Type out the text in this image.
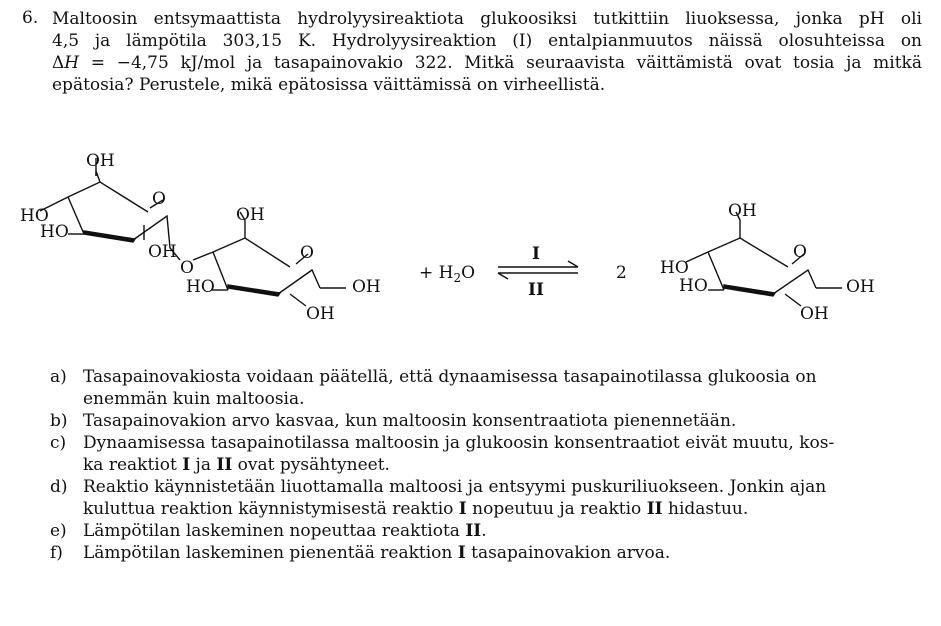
6. Maltoosin entsymaattista hydrolyysireaktiota glukoosiksi tutkittiin liuoksessa, jonka pH oli
4,5 ja lämpötila 303,15 K. Hydrolyysireaktion (I) entalpianmuutos näissä olosuhteissa on
ΔH = −4,75 kJ/mol ja tasapainovakio 322. Mitkä seuraavista väittämistä ovat tosia ja mitkä
epätosia? Perustele, mikä epätosissa väittämissä on virheellistä.
OH
HO
HO
O
OH
O
OH
O
HO	OH
OH
+ $H_2O$
I
II
2
OH
HO
HO
O
OH
OH
a) Tasapainovakiosta voidaan päätellä, että dynaamisessa tasapainotilassa glukoosia on
enemmän kuin maltoosia.
b) Tasapainovakion arvo kasvaa, kun maltoosin konsentraatiota pienennetään.
c) Dynaamisessa tasapainotilassa maltoosin ja glukoosin konsentraatiot eivät muutu, kos-
ka reaktiot I ja II ovat pysähtyneet.
d) Reaktio käynnistetään liuottamalla maltoosi ja entsyymi puskuriliuokseen. Jonkin ajan
kuluttua reaktion käynnistymisestä reaktio I nopeutuu ja reaktio II hidastuu.
e) Lämpötilan laskeminen nopeuttaa reaktiota II.
f) Lämpötilan laskeminen pienentää reaktion I tasapainovakion arvoa.
